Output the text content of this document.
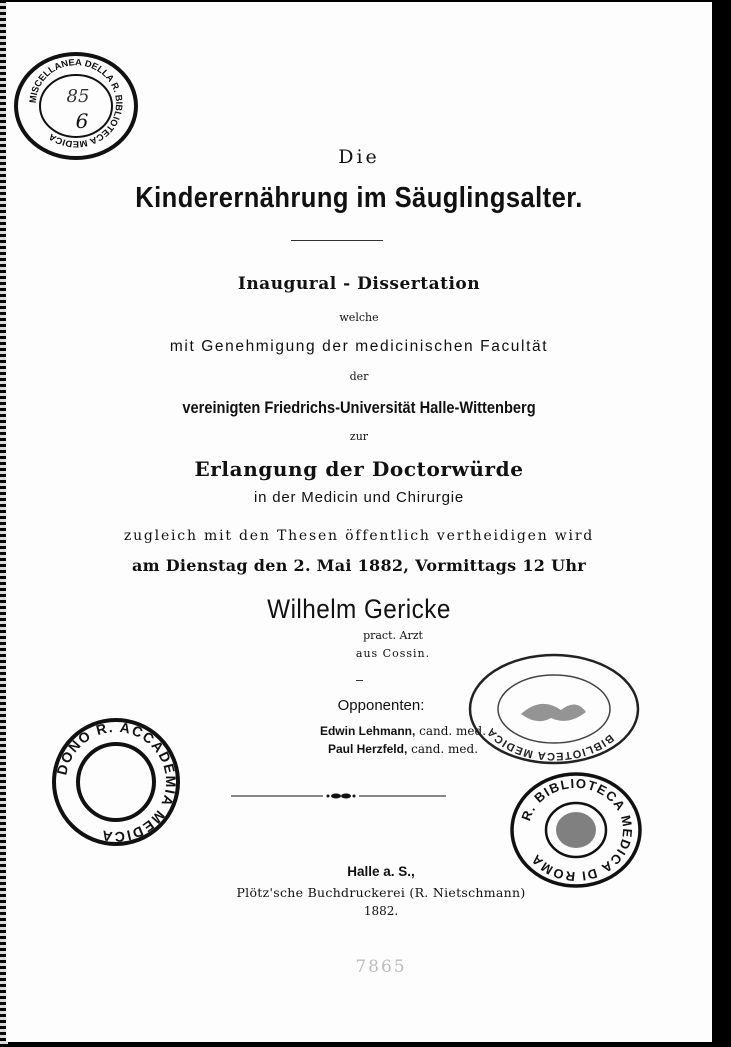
MISCELLANEA DELLA R. BIBLIOTECA MEDICA
85
6
Die
Kinderernährung im Säuglingsalter.
Inaugural - Dissertation
welche
mit Genehmigung der medicinischen Facultät
der
vereinigten Friedrichs-Universität Halle-Wittenberg
zur
Erlangung der Doctorwürde
in der Medicin und Chirurgie
zugleich mit den Thesen öffentlich vertheidigen wird
am Dienstag den 2. Mai 1882, Vormittags 12 Uhr
Wilhelm Gericke
pract. Arzt
aus Cossin.
Opponenten:
Edwin Lehmann, cand. med.
Paul Herzfeld, cand. med.
DONO R. ACCADEMIA MEDICA
BIBLIOTECA MEDICA
R. BIBLIOTECA MEDICA DI ROMA
Halle a. S.,
Plötz'sche Buchdruckerei (R. Nietschmann)
1882.
7865
